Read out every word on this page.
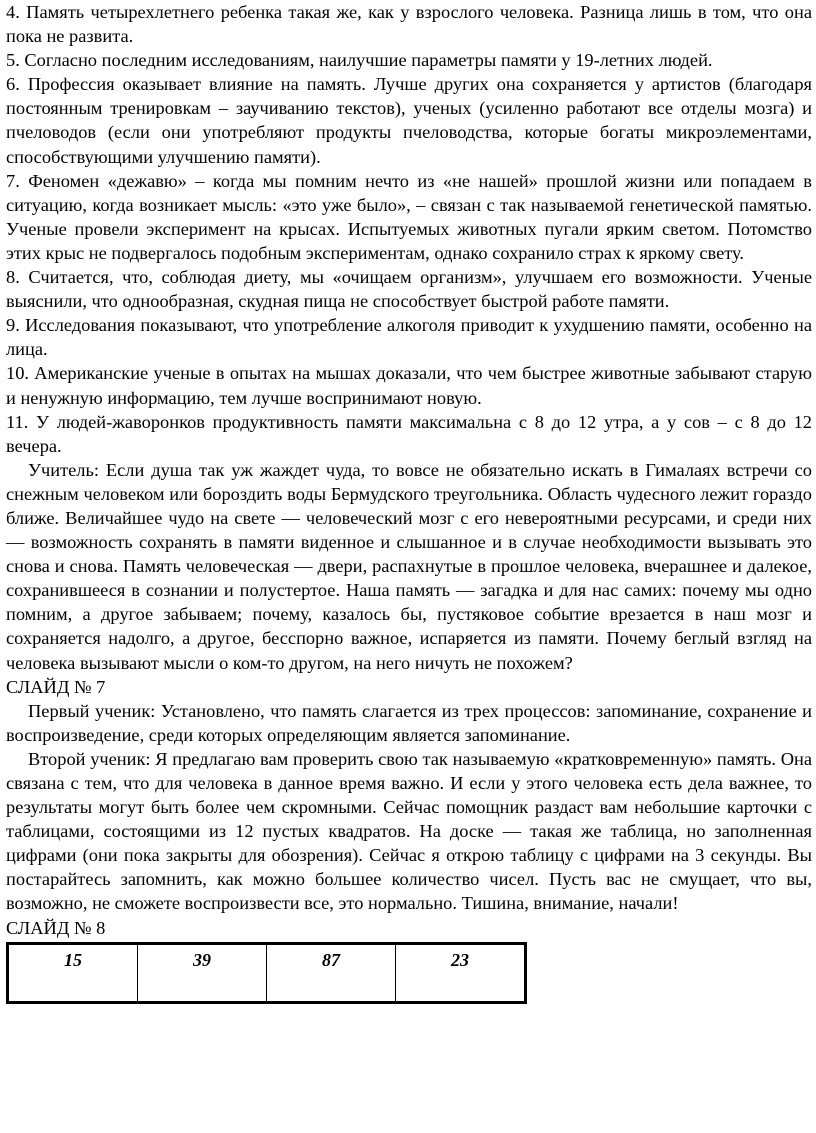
4. Память четырехлетнего ребенка такая же, как у взрослого человека. Разница лишь в том, что она пока не развита.

5. Согласно последним исследованиям, наилучшие параметры памяти у 19-летних людей.

6. Профессия оказывает влияние на память. Лучше других она сохраняется у артистов (благодаря постоянным тренировкам – заучиванию текстов), ученых (усиленно работают все отделы мозга) и пчеловодов (если они употребляют продукты пчеловодства, которые богаты микроэлементами, способствующими улучшению памяти).

7. Феномен «дежавю» – когда мы помним нечто из «не нашей» прошлой жизни или попадаем в ситуацию, когда возникает мысль: «это уже было», – связан с так называемой генетической памятью. Ученые провели эксперимент на крысах. Испытуемых животных пугали ярким светом. Потомство этих крыс не подвергалось подобным экспериментам, однако сохранило страх к яркому свету.

8. Считается, что, соблюдая диету, мы «очищаем организм», улучшаем его возможности. Ученые выяснили, что однообразная, скудная пища не способствует быстрой работе памяти.

9. Исследования показывают, что употребление алкоголя приводит к ухудшению памяти, особенно на лица.

10. Американские ученые в опытах на мышах доказали, что чем быстрее животные забывают старую и ненужную информацию, тем лучше воспринимают новую.

11. У людей-жаворонков продуктивность памяти максимальна с 8 до 12 утра, а у сов – с 8 до 12 вечера.

Учитель: Если душа так уж жаждет чуда, то вовсе не обязательно искать в Гималаях встречи со снежным человеком или бороздить воды Бермудского треугольника. Область чудесного лежит гораздо ближе. Величайшее чудо на свете — человеческий мозг с его невероятными ресурсами, и среди них — возможность сохранять в памяти виденное и слышанное и в случае необходимости вызывать это снова и снова. Память человеческая — двери, распахнутые в прошлое человека, вчерашнее и далекое, сохранившееся в сознании и полустертое. Наша память — загадка и для нас самих: почему мы одно помним, а другое забываем; почему, казалось бы, пустяковое событие врезается в наш мозг и сохраняется надолго, а другое, бесспорно важное, испаряется из памяти. Почему беглый взгляд на человека вызывают мысли о ком-то другом, на него ничуть не похожем?

СЛАЙД № 7

Первый ученик: Установлено, что память слагается из трех процессов: запоминание, сохранение и воспроизведение, среди которых определяющим является запоминание.

Второй ученик: Я предлагаю вам проверить свою так называемую «кратковременную» память. Она связана с тем, что для человека в данное время важно. И если у этого человека есть дела важнее, то результаты могут быть более чем скромными. Сейчас помощник раздаст вам небольшие карточки с таблицами, состоящими из 12 пустых квадратов. На доске — такая же таблица, но заполненная цифрами (они пока закрыты для обозрения). Сейчас я открою таблицу с цифрами на 3 секунды. Вы постарайтесь запомнить, как можно большее количество чисел. Пусть вас не смущает, что вы, возможно, не сможете воспроизвести все, это нормально. Тишина, внимание, начали!

СЛАЙД № 8

15	39	87	23
